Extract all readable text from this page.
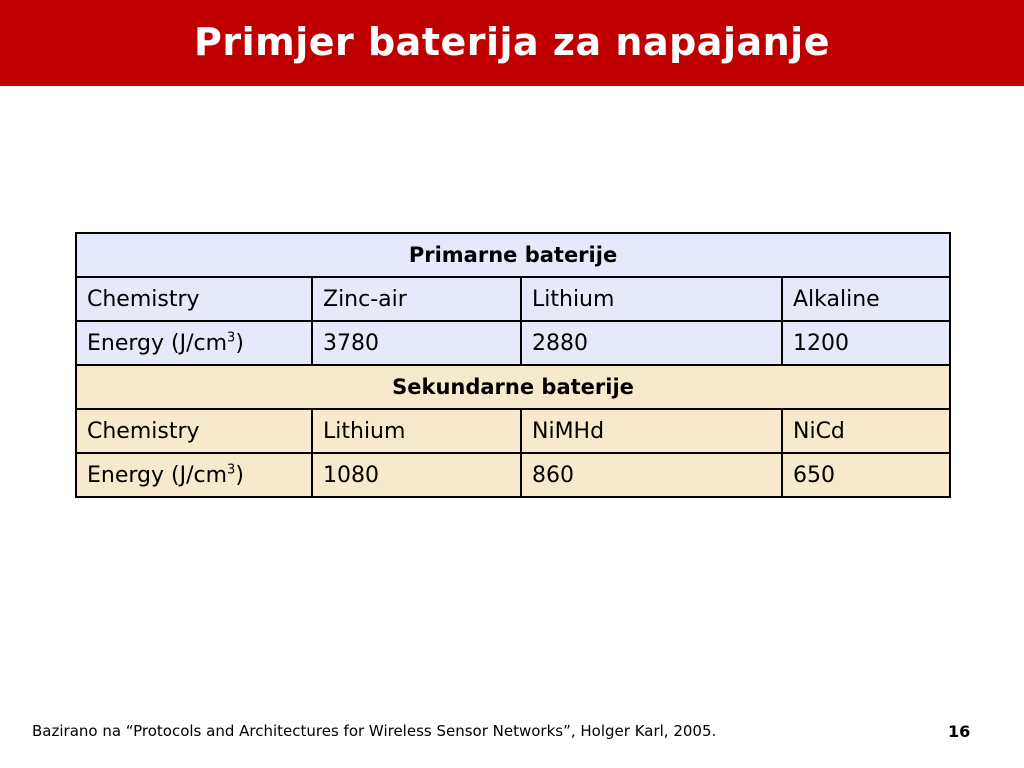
Primjer baterija za napajanje
Primarne baterije			
Chemistry	Zinc-air	Lithium	Alkaline
Energy $(J/cm^3)$	3780	2880	1200
Sekundarne baterije			
Chemistry	Lithium	NiMHd	NiCd
Energy $(J/cm^3)$	1080	860	650
Bazirano na “Protocols and Architectures for Wireless Sensor Networks”, Holger Karl, 2005.	16
